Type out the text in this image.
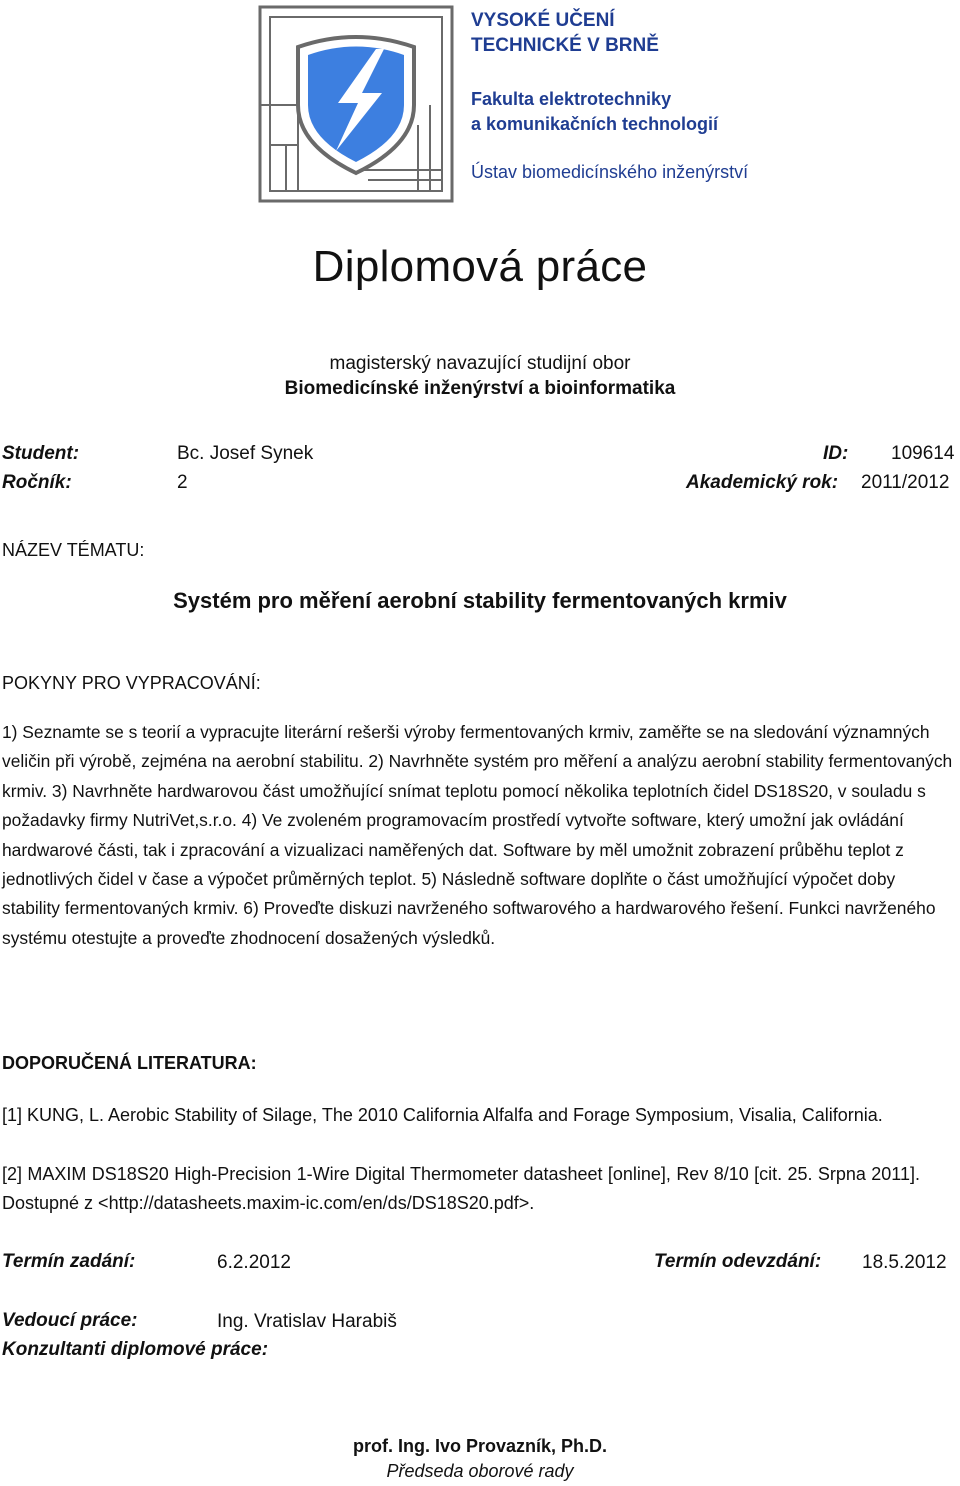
VYSOKÉ UČENÍ
TECHNICKÉ V BRNĚ
Fakulta elektrotechniky
a komunikačních technologií
Ústav biomedicínského inženýrství
Diplomová práce
magisterský navazující studijní obor
Biomedicínské inženýrství a bioinformatika
Student:	Bc. Josef Synek	ID: 109614
Ročník:	2	Akademický rok: 2011/2012
NÁZEV TÉMATU:
Systém pro měření aerobní stability fermentovaných krmiv
POKYNY PRO VYPRACOVÁNÍ:
1) Seznamte se s teorií a vypracujte literární rešerši výroby fermentovaných krmiv, zaměřte se na sledování významných veličin při výrobě, zejména na aerobní stabilitu. 2) Navrhněte systém pro měření a analýzu aerobní stability fermentovaných krmiv. 3) Navrhněte hardwarovou část umožňující snímat teplotu pomocí několika teplotních čidel DS18S20, v souladu s požadavky firmy NutriVet,s.r.o. 4) Ve zvoleném programovacím prostředí vytvořte software, který umožní jak ovládání hardwarové části, tak i zpracování a vizualizaci naměřených dat. Software by měl umožnit zobrazení průběhu teplot z jednotlivých čidel v čase a výpočet průměrných teplot. 5) Následně software doplňte o část umožňující výpočet doby stability fermentovaných krmiv. 6) Proveďte diskuzi navrženého softwarového a hardwarového řešení. Funkci navrženého systému otestujte a proveďte zhodnocení dosažených výsledků.
DOPORUČENÁ LITERATURA:
[1] KUNG, L. Aerobic Stability of Silage, The 2010 California Alfalfa and Forage Symposium, Visalia, California.
[2] MAXIM DS18S20 High-Precision 1-Wire Digital Thermometer datasheet [online], Rev 8/10 [cit. 25. Srpna 2011]. Dostupné z <http://datasheets.maxim-ic.com/en/ds/DS18S20.pdf>.
Termín zadání:	6.2.2012	Termín odevzdání: 18.5.2012
Vedoucí práce:	Ing. Vratislav Harabiš
Konzultanti diplomové práce:
prof. Ing. Ivo Provazník, Ph.D.
Předseda oborové rady
